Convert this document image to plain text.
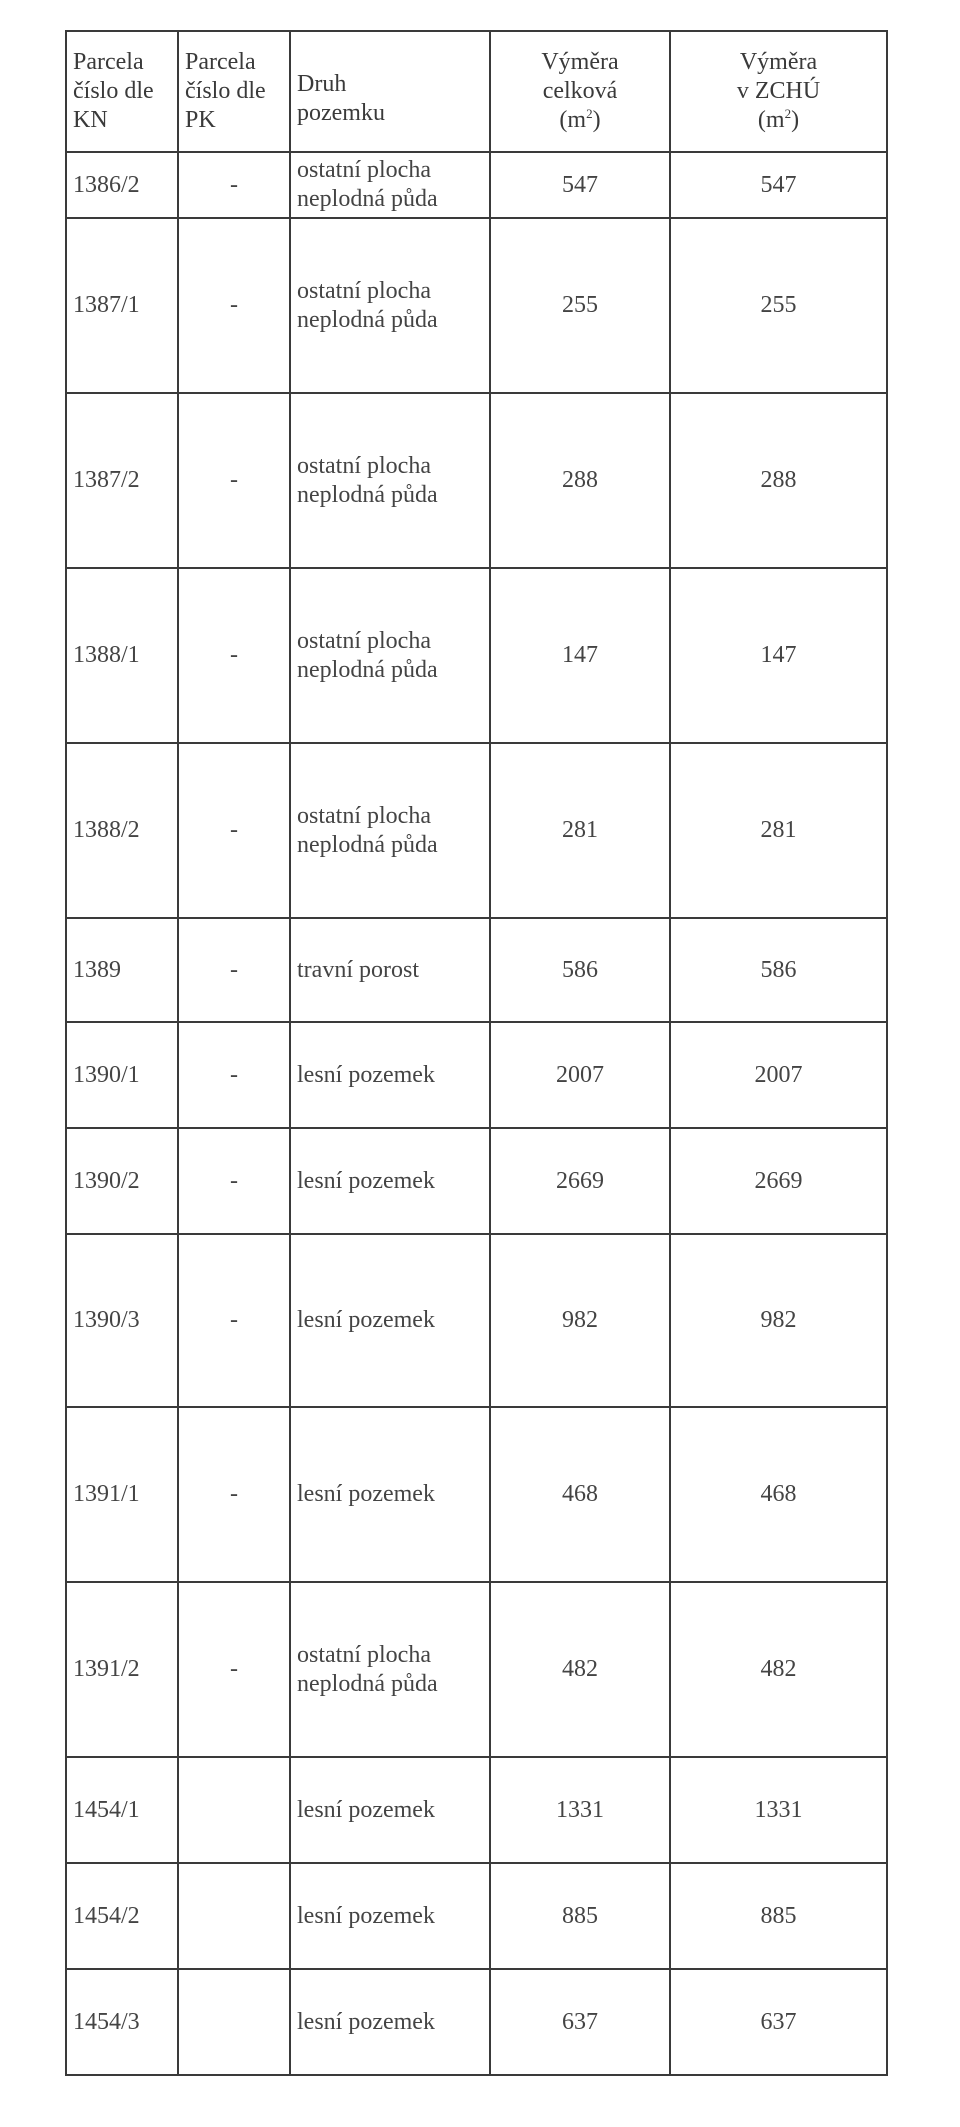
Parcela
číslo dle
KN	Parcela
číslo dle
PK	Druh
pozemku	Výměra
celková
$(m^2)$	Výměra
v ZCHÚ
$(m^2)$

1386/2	-	ostatní plocha
neplodná půda	547	547
1387/1	-	ostatní plocha
neplodná půda	255	255
1387/2	-	ostatní plocha
neplodná půda	288	288
1388/1	-	ostatní plocha
neplodná půda	147	147
1388/2	-	ostatní plocha
neplodná půda	281	281
1389	-	travní porost	586	586
1390/1	-	lesní pozemek	2007	2007
1390/2	-	lesní pozemek	2669	2669
1390/3	-	lesní pozemek	982	982
1391/1	-	lesní pozemek	468	468
1391/2	-	ostatní plocha
neplodná půda	482	482
1454/1		lesní pozemek	1331	1331
1454/2		lesní pozemek	885	885
1454/3		lesní pozemek	637	637
